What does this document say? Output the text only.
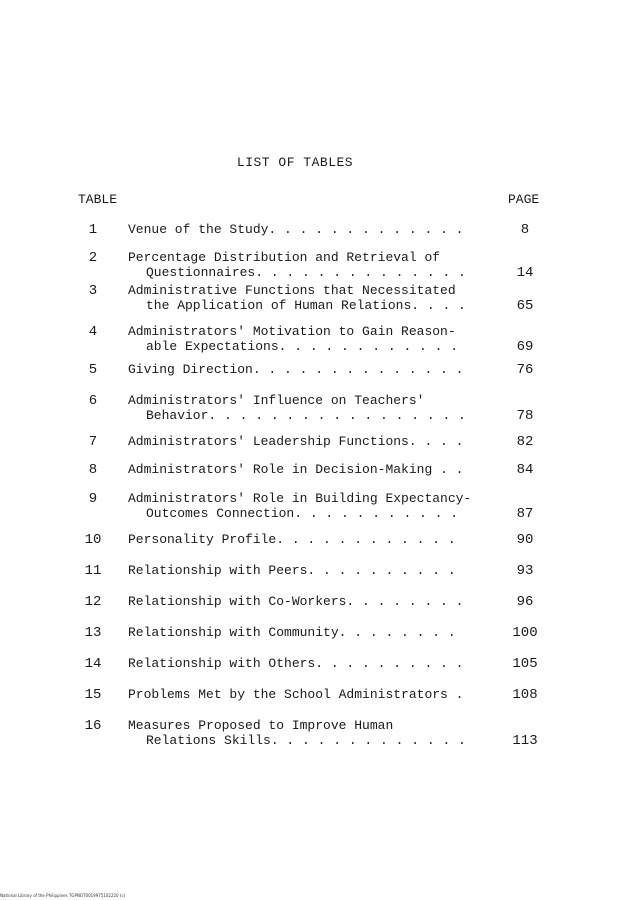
LIST OF TABLES
TABLE	PAGE
1	Venue of the Study. . . . . . . . . . . . .	8
2	Percentage Distribution and Retrieval of
Questionnaires. . . . . . . . . . . . . .	14
3	Administrative Functions that Necessitated
the Application of Human Relations. . . .	65
4	Administrators' Motivation to Gain Reason-
able Expectations. . . . . . . . . . . .	69
5	Giving Direction. . . . . . . . . . . . . .	76
6	Administrators' Influence on Teachers'
Behavior. . . . . . . . . . . . . . . . .	78
7	Administrators' Leadership Functions. . . .	82
8	Administrators' Role in Decision-Making . .	84
9	Administrators' Role in Building Expectancy-
Outcomes Connection. . . . . . . . . . .	87
10	Personality Profile. . . . . . . . . . . .	90
11	Relationship with Peers. . . . . . . . . .	93
12	Relationship with Co-Workers. . . . . . . .	96
13	Relationship with Community. . . . . . . .	100
14	Relationship with Others. . . . . . . . . .	105
15	Problems Met by the School Administrators .	108
16	Measures Proposed to Improve Human
Relations Skills. . . . . . . . . . . . .	113
National Library of the Philippines TGPNOT0019975102220 (c)
